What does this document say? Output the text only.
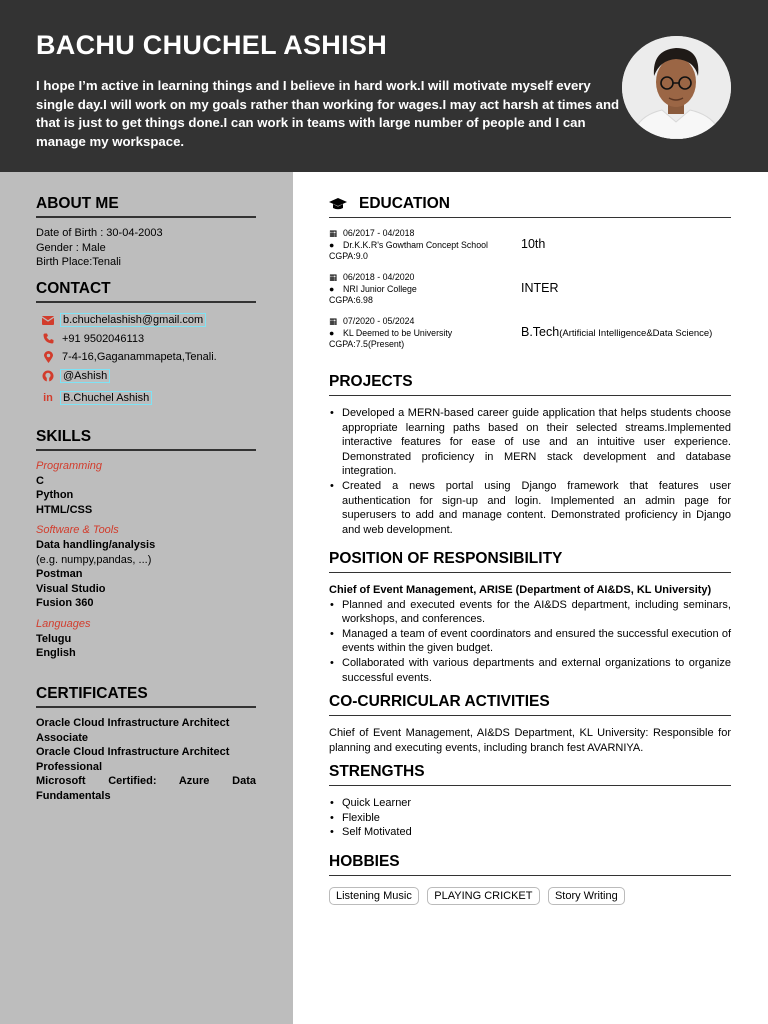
BACHU CHUCHEL ASHISH
I hope I’m active in learning things and I believe in hard work.I will motivate myself every single day.I will work on my goals rather than working for wages.I may act harsh at times and that is just to get things done.I can work in teams with large number of people and I can manage my workspace.
ABOUT ME
Date of Birth : 30-04-2003
Gender : Male
Birth Place:Tenali
CONTACT
b.chuchelashish@gmail.com
+91 9502046113
7-4-16,Gaganammapeta,Tenali.
@Ashish
in B.Chuchel Ashish
SKILLS
Programming
C
Python
HTML/CSS
Software & Tools
Data handling/analysis
(e.g. numpy,pandas, ...)
Postman
Visual Studio
Fusion 360
Languages
Telugu
English
CERTIFICATES
Oracle Cloud Infrastructure Architect Associate
Oracle Cloud Infrastructure Architect Professional
Microsoft Certified: Azure Data Fundamentals
EDUCATION
▦ 06/2017 - 04/2018
● Dr.K.K.R's Gowtham Concept School
CGPA:9.0
10th
▦ 06/2018 - 04/2020
● NRI Junior College
CGPA:6.98
INTER
▦ 07/2020 - 05/2024
● KL Deemed to be University
CGPA:7.5(Present)
B.Tech(Artificial Intelligence&Data Science)
PROJECTS
• Developed a MERN-based career guide application that helps students choose appropriate learning paths based on their selected streams.Implemented interactive features for ease of use and an intuitive user experience. Demonstrated proficiency in MERN stack development and database integration.
• Created a news portal using Django framework that features user authentication for sign-up and login. Implemented an admin page for superusers to add and manage content. Demonstrated proficiency in Django and web development.
POSITION OF RESPONSIBILITY
Chief of Event Management, ARISE (Department of AI&DS, KL University)
• Planned and executed events for the AI&DS department, including seminars, workshops, and conferences.
• Managed a team of event coordinators and ensured the successful execution of events within the given budget.
• Collaborated with various departments and external organizations to organize successful events.
CO-CURRICULAR ACTIVITIES
Chief of Event Management, AI&DS Department, KL University: Responsible for planning and executing events, including branch fest AVARNIYA.
STRENGTHS
• Quick Learner
• Flexible
• Self Motivated
HOBBIES
Listening Music PLAYING CRICKET Story Writing
